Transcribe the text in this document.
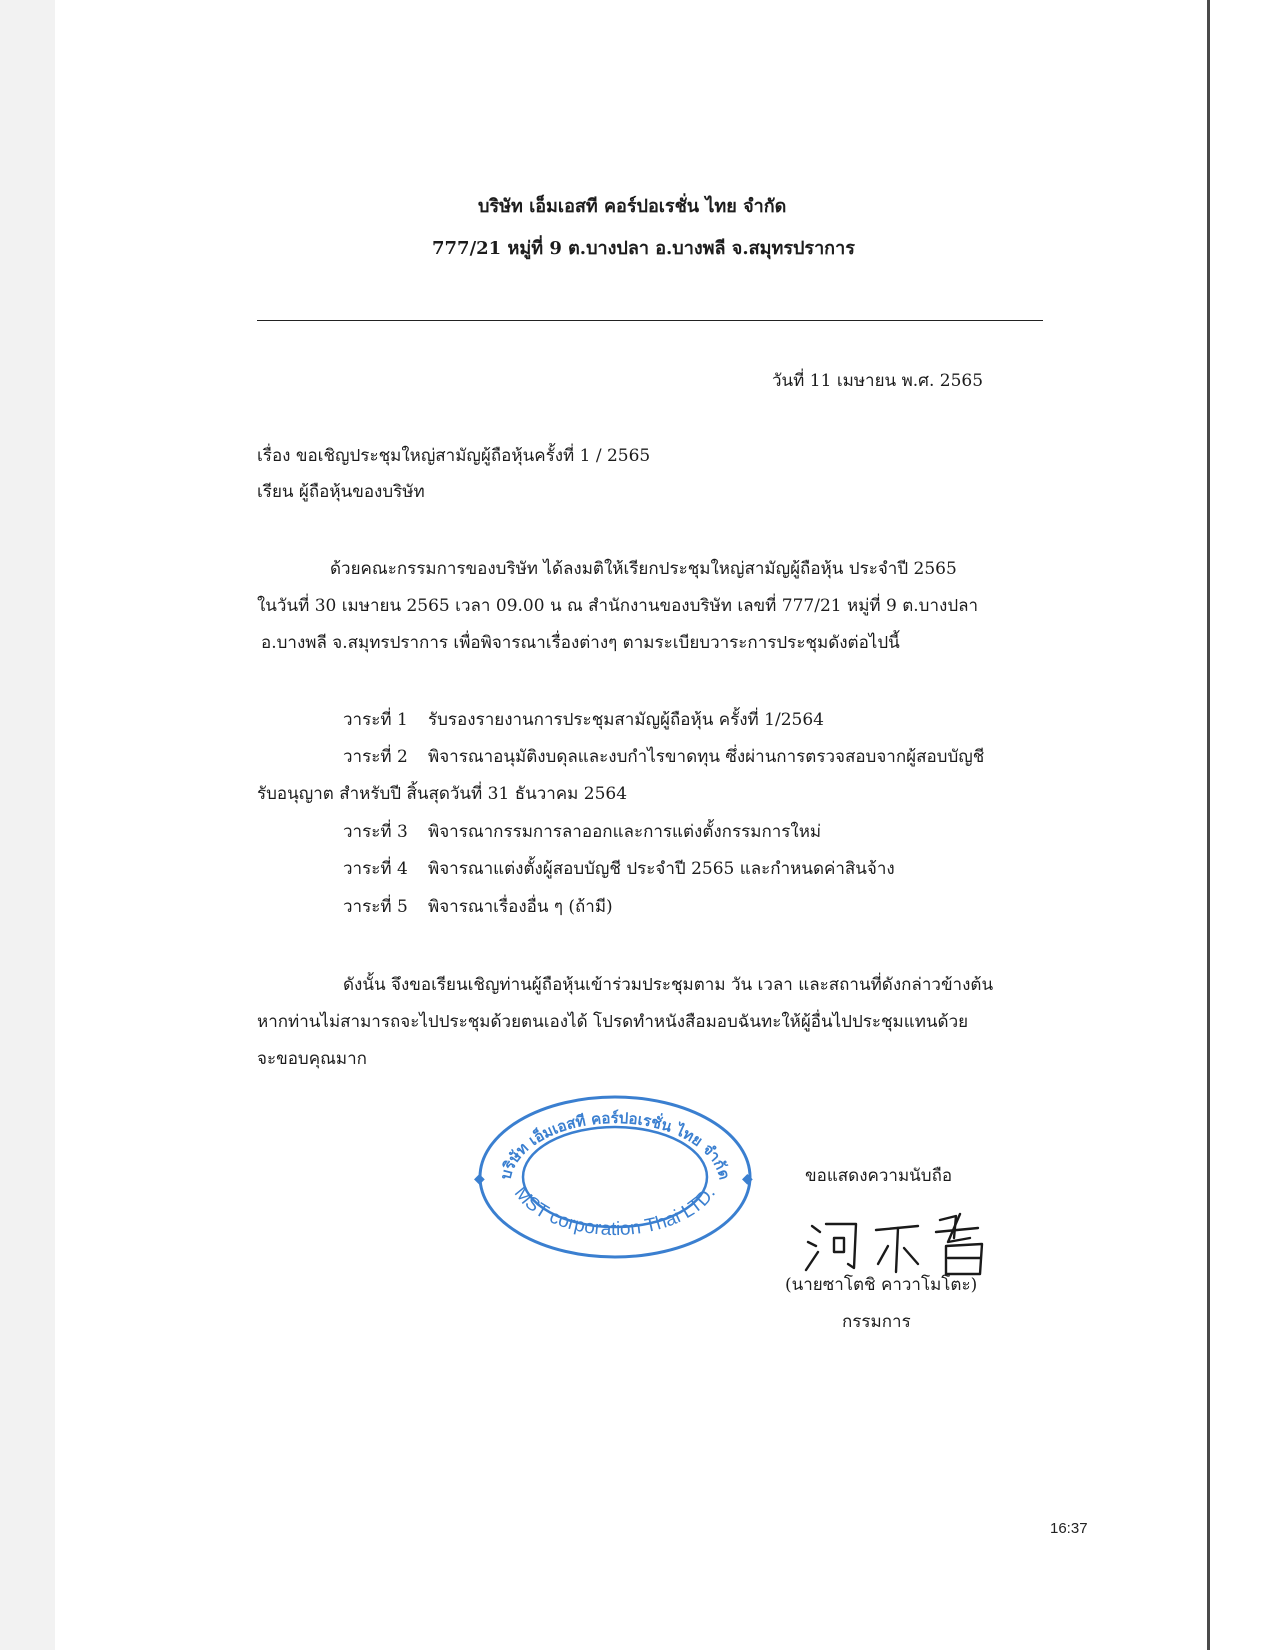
บริษัท เอ็มเอสที คอร์ปอเรชั่น ไทย จำกัด
777/21 หมู่ที่ 9 ต.บางปลา อ.บางพลี จ.สมุทรปราการ
วันที่ 11 เมษายน พ.ศ. 2565
เรื่อง ขอเชิญประชุมใหญ่สามัญผู้ถือหุ้นครั้งที่ 1 / 2565
เรียน ผู้ถือหุ้นของบริษัท
ด้วยคณะกรรมการของบริษัท ได้ลงมติให้เรียกประชุมใหญ่สามัญผู้ถือหุ้น ประจำปี 2565
ในวันที่ 30 เมษายน 2565 เวลา 09.00 น ณ สำนักงานของบริษัท เลขที่ 777/21 หมู่ที่ 9 ต.บางปลา
อ.บางพลี จ.สมุทรปราการ เพื่อพิจารณาเรื่องต่างๆ ตามระเบียบวาระการประชุมดังต่อไปนี้
วาระที่ 1 รับรองรายงานการประชุมสามัญผู้ถือหุ้น ครั้งที่ 1/2564
วาระที่ 2 พิจารณาอนุมัติงบดุลและงบกำไรขาดทุน ซึ่งผ่านการตรวจสอบจากผู้สอบบัญชี
รับอนุญาต สำหรับปี สิ้นสุดวันที่ 31 ธันวาคม 2564
วาระที่ 3 พิจารณากรรมการลาออกและการแต่งตั้งกรรมการใหม่
วาระที่ 4 พิจารณาแต่งตั้งผู้สอบบัญชี ประจำปี 2565 และกำหนดค่าสินจ้าง
วาระที่ 5 พิจารณาเรื่องอื่น ๆ (ถ้ามี)
ดังนั้น จึงขอเรียนเชิญท่านผู้ถือหุ้นเข้าร่วมประชุมตาม วัน เวลา และสถานที่ดังกล่าวข้างต้น
หากท่านไม่สามารถจะไปประชุมด้วยตนเองได้ โปรดทำหนังสือมอบฉันทะให้ผู้อื่นไปประชุมแทนด้วย
จะขอบคุณมาก
บริษัท เอ็มเอสที คอร์ปอเรชั่น ไทย จำกัด
MST corporation Thai LTD.
◆	◆	ขอแสดงความนับถือ
(นายซาโตชิ คาวาโมโตะ)
กรรมการ
16:37
